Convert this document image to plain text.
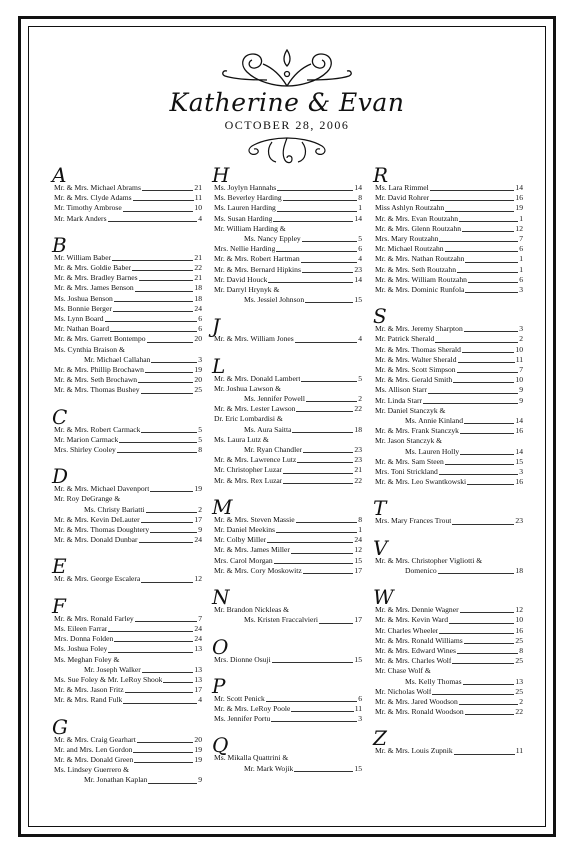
Katherine & Evan
OCTOBER 28, 2006
A
Mr. & Mrs. Michael Abrams	21
Mr. & Mrs. Clyde Adams	11
Mr. Timothy Ambrose	10
Mr. Mark Anders	4
B
Mr. William Baber	21
Mr. & Mrs. Goldie Baber	22
Mr. & Mrs. Bradley Barnes	21
Mr. & Mrs. James Benson	18
Ms. Joshua Benson	18
Ms. Bonnie Berger	24
Ms. Lynn Board	6
Mr. Nathan Board	6
Mr. & Mrs. Garrett Bontempo	20
Ms. Cynthia Braison &
Mr. Michael Callahan	3
Mr. & Mrs. Phillip Brochawn	19
Mr. & Mrs. Seth Brochawn	20
Mr. & Mrs. Thomas Bushey	25
C
Mr. & Mrs. Robert Carmack	5
Mr. Marion Carmack	5
Mrs. Shirley Cooley	8
D
Mr. & Mrs. Michael Davenport	19
Mr. Roy DeGrange &
Ms. Christy Bariatti	2
Mr. & Mrs. Kevin DeLauter	17
Mr. & Mrs. Thomas Doughtery	9
Mr. & Mrs. Donald Dunbar	24
E
Mr. & Mrs. George Escalera	12
F
Mr. & Mrs. Ronald Farley	7
Ms. Eileen Farrar	24
Mrs. Donna Folden	24
Ms. Joshua Foley	13
Ms. Meghan Foley &
Mr. Joseph Walker	13
Ms. Sue Foley & Mr. LeRoy Shook	13
Mr. & Mrs. Jason Fritz	17
Mr. & Mrs. Rand Fulk	4
G
Mr. & Mrs. Craig Gearhart	20
Mr. and Mrs. Len Gordon	19
Mr. & Mrs. Donald Green	19
Ms. Lindsey Guerrero &
Mr. Jonathan Kaplan	9
H
Ms. Joylyn Hannahs	14
Ms. Beverley Harding	8
Ms. Lauren Harding	1
Ms. Susan Harding	14
Mr. William Harding &
Ms. Nancy Eppley	5
Mrs. Nellie Harding	6
Mr. & Mrs. Robert Hartman	4
Mr. & Mrs. Bernard Hipkins	23
Mr. David Houck	14
Mr. Darryl Hrynyk &
Ms. Jessiel Johnson	15
J
Mr. & Mrs. William Jones	4
L
Mr. & Mrs. Donald Lambert	5
Mr. Joshua Lawson &
Ms. Jennifer Powell	2
Mr. & Mrs. Lester Lawson	22
Dr. Eric Lombardisi &
Ms. Aura Saitta	18
Ms. Laura Lutz &
Mr. Ryan Chandler	23
Mr. & Mrs. Lawrence Lutz	23
Mr. Christopher Luzar	21
Mr. & Mrs. Rex Luzar	22
M
Mr. & Mrs. Steven Massie	8
Mr. Daniel Meekins	1
Mr. Colby Miller	24
Mr. & Mrs. James Miller	12
Mrs. Carol Morgan	15
Mr. & Mrs. Cory Moskowitz	17
N
Mr. Brandon Nickleas &
Ms. Kristen Fraccalvieri	17
O
Mrs. Dionne Osuji	15
P
Mr. Scott Penick	6
Mr. & Mrs. LeRoy Poole	11
Ms. Jennifer Portu	3
Q
Ms. Mikalla Quattrini &
Mr. Mark Wojik	15
R
Ms. Lara Rimmel	14
Mr. David Rohrer	16
Miss Ashlyn Routzahn	19
Mr. & Mrs. Evan Routzahn	1
Mr. & Mrs. Glenn Routzahn	12
Mrs. Mary Routzahn	7
Mr. Michael Routzahn	6
Mr. & Mrs. Nathan Routzahn	1
Mr. & Mrs. Seth Routzahn	1
Mr. & Mrs. William Routzahn	6
Mr. & Mrs. Dominic Runfola	3
S
Mr. & Mrs. Jeremy Sharpton	3
Mr. Patrick Sherald	2
Mr. & Mrs. Thomas Sherald	10
Mr. & Mrs. Walter Sherald	11
Mr. & Mrs. Scott Simpson	7
Mr. & Mrs. Gerald Smith	10
Ms. Allison Starr	9
Mr. Linda Starr	9
Mr. Daniel Stanczyk &
Ms. Annie Kinland	14
Mr. & Mrs. Frank Stanczyk	16
Mr. Jason Stanczyk &
Ms. Lauren Holly	14
Mr. & Mrs. Sam Steen	15
Mrs. Toni Strickland	3
Mr. & Mrs. Leo Swantkowski	16
T
Mrs. Mary Frances Trout	23
V
Mr. & Mrs. Christopher Vigliotti &
Domenico	18
W
Mr. & Mrs. Dennie Wagner	12
Mr. & Mrs. Kevin Ward	10
Mr. Charles Wheeler	16
Mr. & Mrs. Ronald Williams	25
Mr. & Mrs. Edward Wines	8
Mr. & Mrs. Charles Wolf	25
Mr. Chase Wolf &
Ms. Kelly Thomas	13
Mr. Nicholas Wolf	25
Mr. & Mrs. Jared Woodson	2
Mr. & Mrs. Ronald Woodson	22
Z
Mr. & Mrs. Louis Zupnik	11
